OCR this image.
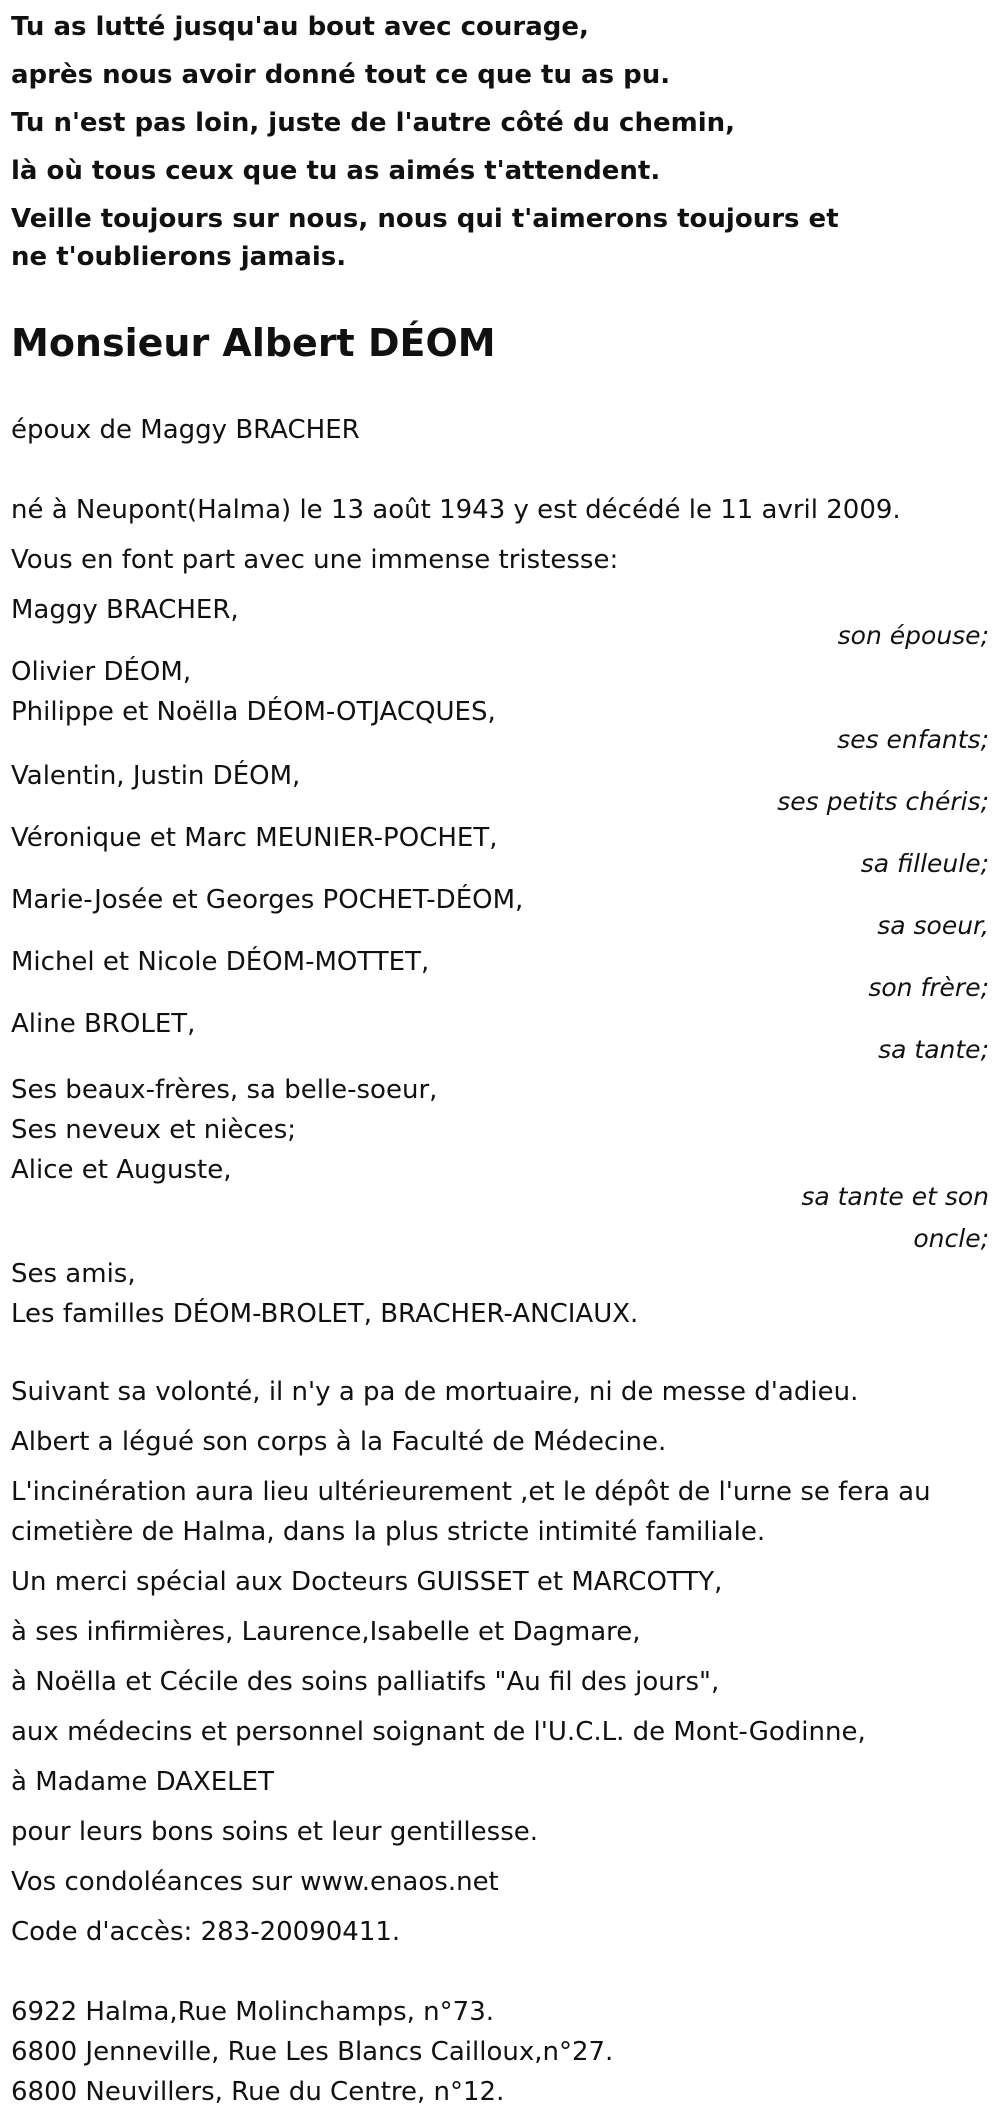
Tu as lutté jusqu'au bout avec courage,

après nous avoir donné tout ce que tu as pu.

Tu n'est pas loin, juste de l'autre côté du chemin,

là où tous ceux que tu as aimés t'attendent.

Veille toujours sur nous, nous qui t'aimerons toujours et ne t'oublierons jamais.

Monsieur Albert DÉOM

époux de Maggy BRACHER

né à Neupont(Halma) le 13 août 1943 y est décédé le 11 avril 2009.

Vous en font part avec une immense tristesse:

Maggy BRACHER,

son épouse;

Olivier DÉOM,

Philippe et Noëlla DÉOM-OTJACQUES,

ses enfants;

Valentin, Justin DÉOM,

ses petits chéris;

Véronique et Marc MEUNIER-POCHET,

sa filleule;

Marie-Josée et Georges POCHET-DÉOM,

sa soeur,

Michel et Nicole DÉOM-MOTTET,

son frère;

Aline BROLET,

sa tante;

Ses beaux-frères, sa belle-soeur,

Ses neveux et nièces;

Alice et Auguste,

sa tante et son oncle;

Ses amis,

Les familles DÉOM-BROLET, BRACHER-ANCIAUX.

Suivant sa volonté, il n'y a pa de mortuaire, ni de messe d'adieu.

Albert a légué son corps à la Faculté de Médecine.

L'incinération aura lieu ultérieurement ,et le dépôt de l'urne se fera au

cimetière de Halma, dans la plus stricte intimité familiale.

Un merci spécial aux Docteurs GUISSET et MARCOTTY,

à ses infirmières, Laurence,Isabelle et Dagmare,

à Noëlla et Cécile des soins palliatifs "Au fil des jours",

aux médecins et personnel soignant de l'U.C.L. de Mont-Godinne,

à Madame DAXELET

pour leurs bons soins et leur gentillesse.

Vos condoléances sur www.enaos.net

Code d'accès: 283-20090411.

6922 Halma,Rue Molinchamps, n°73.

6800 Jenneville, Rue Les Blancs Cailloux,n°27.

6800 Neuvillers, Rue du Centre, n°12.
